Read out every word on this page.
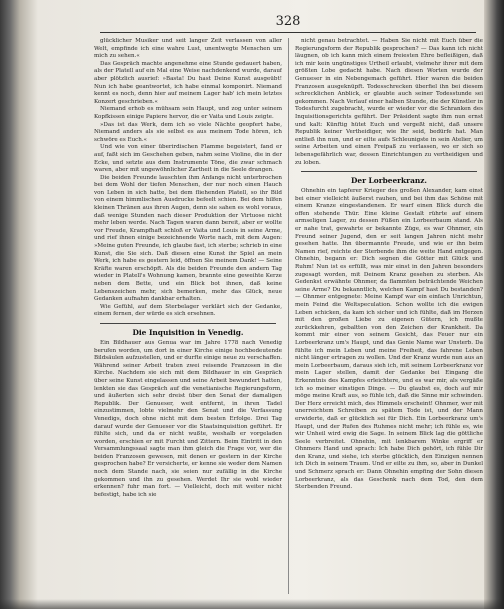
328

glücklicher Musiker und seit langer Zeit verlassen von aller Welt, empfinde ich eine wahre Lust, unentwegte Menschen um mich zu sehen.«

Das Gespräch machte angenehme eine Stunde gedauert haben, als der Platell auf ein Mal eine Weise nachdenkend wurde, darauf aber plötzlich ausrief: »Basta! Du hast Deine Kunst ausgeübt! Nun ich habe geantwortet, ich habe einmal komponirt. Niemand kennt es noch, denn hier auf meinem Lager hab' ich mein letztes Konzert geschrieben.«

Niemand erhob es mühsam sein Haupt, und zog unter seinem Kopfkissen einige Papiere hervor, die er Vaita und Louis zeigte.

»Das ist das Werk, dem ich so viele Nächte geopfert habe, Niemand anders als sie selbst es aus meinem Tode hören, ich schwöre es Euch.«

Und wie von einer überirdischen Flamme begeistert, fand er auf, faßt sich im Geschehen geben, nahm seine Violine, die in der Ecke, und setzte aus dem Instrumente Töne, die zwar schmach waren, aber mit ungewöhnlicher Zartheit in die Seele drangen.

Die beiden Freunde lauschten ihm Anfangs nicht unterbrochen bei dem Wohl der tiefen Menschen, der nur noch einen Hauch von Leben in sich hatte, bei dem fliehenden Platell, so ihr Bild von einem himmlischen Ausdrucke befeelt schien. Bei dem hilfen kleinen Thränen aus ihren Augen, denn sie sahen es wohl voraus, daß wenige Stunden nach dieser Produktion der Virtuose nicht mehr leben werde. Nach Tagen waren dann bereit, aber er wollte vor Freude, Krampfhaft schloß er Vaita und Louis in seine Arme, und rief ihnen einige bezeichnende Worte nach, mit dem Augen: »Meine guten Freunde, ich glaube fast, ich sterbe; schrieb in eine Kunst, die Sie sich. Daß diesen eine Kunst ihr Spiel an mein Werk, ich habe es gestern leid, öffnen Sie meinem Dank! — Seine Kräfte waren erschöpft. Als die beiden Freunde den andern Tag wieder in Platell's Wohnung kamen, brannte eine geweihte Kerze neben dem Bette, und ein Blick bot ihnen, daß keine Lebenszeichen mehr, sich bemerken, mehr das Glück, neue Gedanken aufnahm dankbar erhalten.

Wie Gefühl, auf dem Sterbelager verklärt sich der Gedanke, einem fernen, der würde es sich ersehnen.

Die Inquisition in Venedig.

Ein Bildhauer aus Genua war im Jahre 1778 nach Venedig berufen worden, um dort in einer Kirche einige hochbedeutende Bildsäulen aufzustellen, und er durfte einige neue zu verschaffen. Während seiner Arbeit traten zwei reisende Franzosen in die Kirche. Nachdem sie sich mit dem Bildhauer in ein Gespräch über seine Kunst eingelassen und seine Arbeit bewundert hatten, lenkten sie das Gespräch auf die venetianische Regierungsform, und äußerten sich sehr dreist über den Senat der damaligen Republik. Der Genueser, weit entfernt, in ihren Tadel einzustimmen, lobte vielmehr den Senat und die Verfassung Venedigs, doch ohne nicht mit dem besten Erfolge. Drei Tag darauf wurde der Genueser vor die Staatsinquisition geführt. Er fühlte sich, und da er nicht wußte, weshalb er vorgeladen worden, erschien er mit Furcht und Zittern. Beim Eintritt in den Versammlungssaal sagte man ihm gleich die Frage vor, wer die beiden Franzosen gewesen, mit denen er gestern in der Kirche gesprochen habe? Er versicherte, er kenne sie weder dem Namen noch dem Stande nach, sie seien nur zufällig in die Kirche gekommen und ihn zu gesehen. Werdet Ihr sie wohl wieder erkennen? fuhr man fort. — Vielleicht, doch mit weiter nicht befestigt, habe ich sie

nicht genau betrachtet. — Haben Sie nicht mit Euch über die Regierungsform der Republik gesprochen? — Das kann ich nicht läugnen, ob ich kann mich einem freiesten Ehre befleißigen, daß ich mir kein ungünstiges Urtheil erlaubt, vielmehr ihrer mit dem größten Lobe gedacht habe. Nach diesen Worten wurde der Genueser in ein Nebengemach geführt. Hier waren die beiden Franzosen ausgeknüpft. Todesschrecken überfiel ihn bei diesem schrecklichen Anblick, er glaubte auch seiner Todesstunde sei gekommen. Nach Verlauf einer halben Stunde, die der Künstler in Todesfurcht zugebracht, wurde er wieder vor die Schranken des Inquisitionsgerichts geführt. Der Präsident sagte ihm nun ernst und kalt: Künftig hütet Euch und vergeßt nicht, daß unsere Republik keiner Vertheidiger, wie Ihr seid, bedürfe hat. Man entließ ihn nun, und er eilte aufs Schleunigste in sein Atelier, um seine Arbeiten und einen Freipaß zu verlassen, wo er sich so lebensgefährlich war, dessen Einrichtungen zu vertheidigen und zu loben.

Der Lorbeerkranz.

Ohnehin ein tapferer Krieger des großen Alexander, kam einst bei einer vielleicht äußerst rauhen, und bei ihm das Schöne mit einem Kranze eingestandenen. Er warf einen Blick durch die offen stehende Thür. Eine kleine Gestalt rührte auf einem armseligen Lager, zu dessen Füßen ein Lorbeerbaum stand. Als er nahe trat, gewahrte er bekannte Züge, es war Ohnmer, ein Freund seiner Jugend, den er seit langen Jahren nicht mehr gesehen hatte. Ihn übermannte Freude, und wie er ihn beim Namen rief, reichte der Sterbende ihm die weite Hand entgegen. Ohnehin, begann er: Dich segnen die Götter mit Glück und Ruhm! Nun ist es erfüllt, was mir einst in den Jahren besonders zugesagt worden, mit Deinem Kranz gesehen zu sterben. Als Gedenkst erwähnte Ohnmer, da flammten beträchtende Weichen seine Arme? Du bekanntlich, welchen Kampf hast Du bestanden? — Ohnmer entgegnete: Meine Kampf war ein einfach Unrichtun, mein Feind die Weltspeculation. Schon wollte ich die ewigen Leben schicken, da kam ich sicher und ich fühlte, daß im Herzen mit den großen Liebe zu eigenen Gütern, ich mußte zurückkehren, gebaltten von den Zeichen der Krankheit. Da kommt mir einer von seinem Gesicht, das Feuer nur ein Lorbeerkranz um's Haupt, und das Genie Name war Unsterb. Da fühlte ich mein Leben und meine Freiheit, das fahrene Leben nicht länger ertragen zu wollen. Und der Kranz wurde nun aus an mein Lorbeerbaum, daraus sieh ich, mit seinem Lorbeerkranz vor mein Lager stellen, damit der Gedanke bei Eingang die Erkenntnis des Kampfes erleichtere, und es war mir, als vergäße ich so meiner einstigen Dinge. — Du glaubst es, doch auf mir möge meine Kraft aus, so fühle ich, daß die Sinne mir schwinden. Der Herz erreicht mich, des Himmels erscheint! Ohnmer, wer mit unerreichtem Schreiben zu spätem Tode ist, und der Mann erwiderte, daß er glücklich sei für Dich. Ein Lorbeerkranz um's Haupt, und der Rufen des Ruhmes nicht mehr; ich fühle es, wie wir Unheil wird ewig die Sage. In seinem Blick lag die göttliche Seele verbreitet. Ohnehin, mit lenkbarem Winke ergriff er Ohnmers Hand und sprach: Ich habe Dich gehört, ich fühle Dir den Kranz, und siehe, ich sterbe glücklich, den Einzigen nennen ich Dich in seinem Traum. Und er eilte zu ihm, so, aber in Dunkel und Schmerz sprach er: Dann Ohnehin empfing der Sohn diesen Lorbeerkranz, als das Geschenk nach dem Tod, den dem Sterbenden Freund.
